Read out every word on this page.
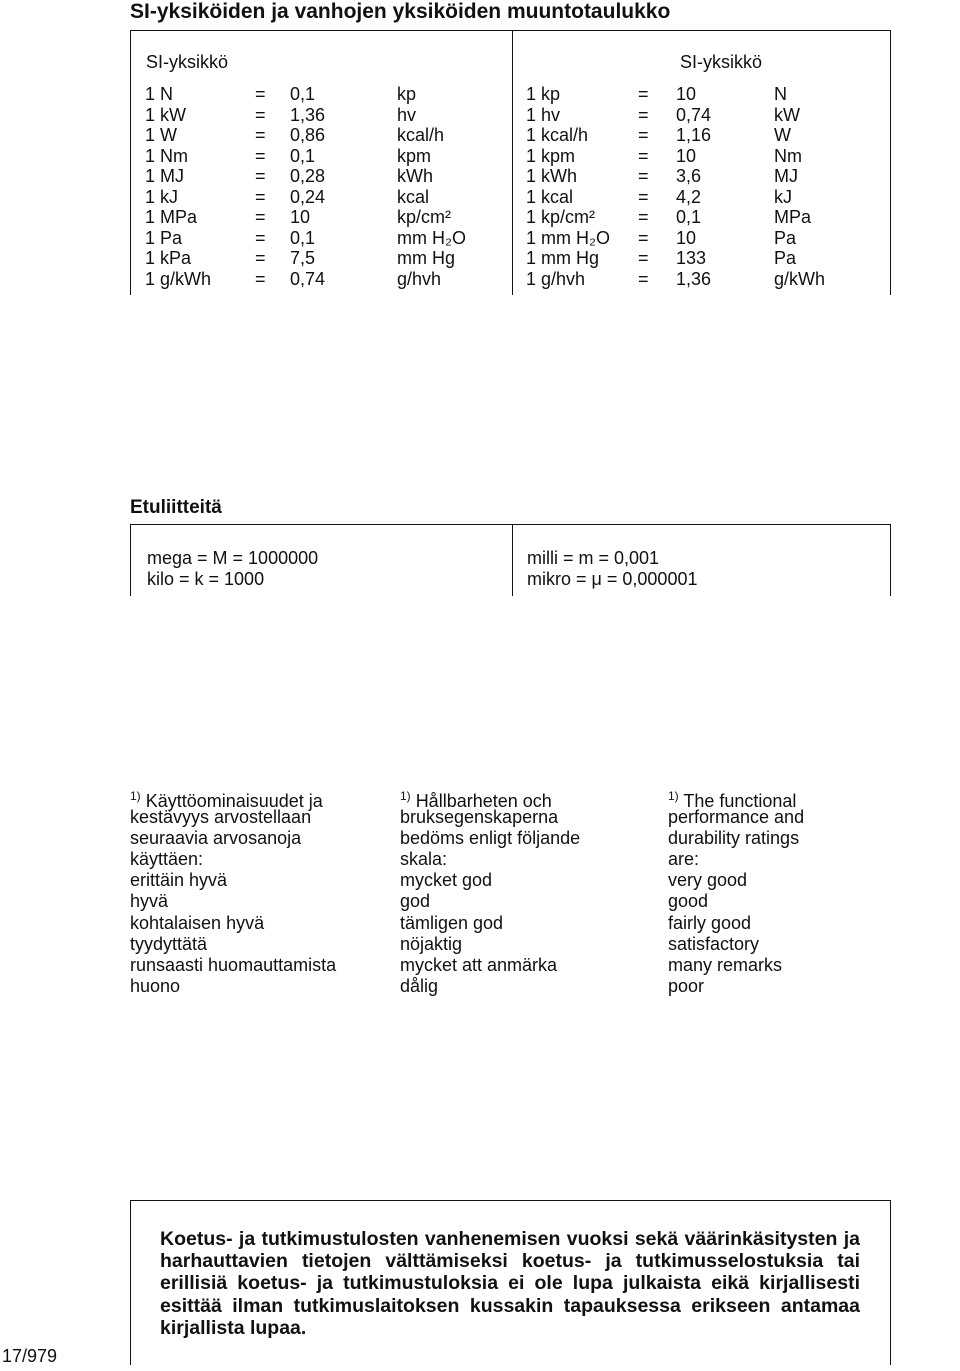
SI-yksiköiden ja vanhojen yksiköiden muuntotaulukko
SI-yksikkö	SI-yksikkö
1 N	= 0,1	kp
1 kW	= 1,36	hv
1 W	= 0,86	kcal/h
1 Nm	= 0,1	kpm
1 MJ	= 0,28	kWh
1 kJ	= 0,24	kcal
1 MPa	= 10	kp/cm²
1 Pa	= 0,1	mm H₂O
1 kPa	= 7,5	mm Hg
1 g/kWh = 0,74	g/hvh
1 kp	= 10	N
1 hv	= 0,74	kW
1 kcal/h	= 1,16	W
1 kpm	= 10	Nm
1 kWh	= 3,6	MJ
1 kcal	= 4,2	kJ
1 kp/cm² = 0,1	MPa
1 mm H₂O = 10	Pa
1 mm Hg = 133	Pa
1 g/hvh	= 1,36	g/kWh
Etuliitteitä
mega = M = 1000000
kilo = k = 1000
milli = m = 0,001
mikro = μ = 0,000001
$^{1)}$ Käyttöominaisuudet ja
kestävyys arvostellaan
seuraavia arvosanoja
käyttäen:
erittäin hyvä
hyvä
kohtalaisen hyvä
tyydyttätä
runsaasti huomauttamista
huono
$^{1)}$ Hållbarheten och
bruksegenskaperna
bedöms enligt följande
skala:
mycket god
god
tämligen god
nöjaktig
mycket att anmärka
dålig
$^{1)}$ The functional
performance and
durability ratings
are:
very good
good
fairly good
satisfactory
many remarks
poor
Koetus- ja tutkimustulosten vanhenemisen vuoksi sekä väärinkäsitysten ja harhauttavien tietojen välttämiseksi koetus- ja tutkimusselostuksia tai erillisiä koetus- ja tutkimustuloksia ei ole lupa julkaista eikä kirjallisesti esittää ilman tutkimuslaitoksen kussakin tapauksessa erikseen antamaa kirjallista lupaa.
17/979
